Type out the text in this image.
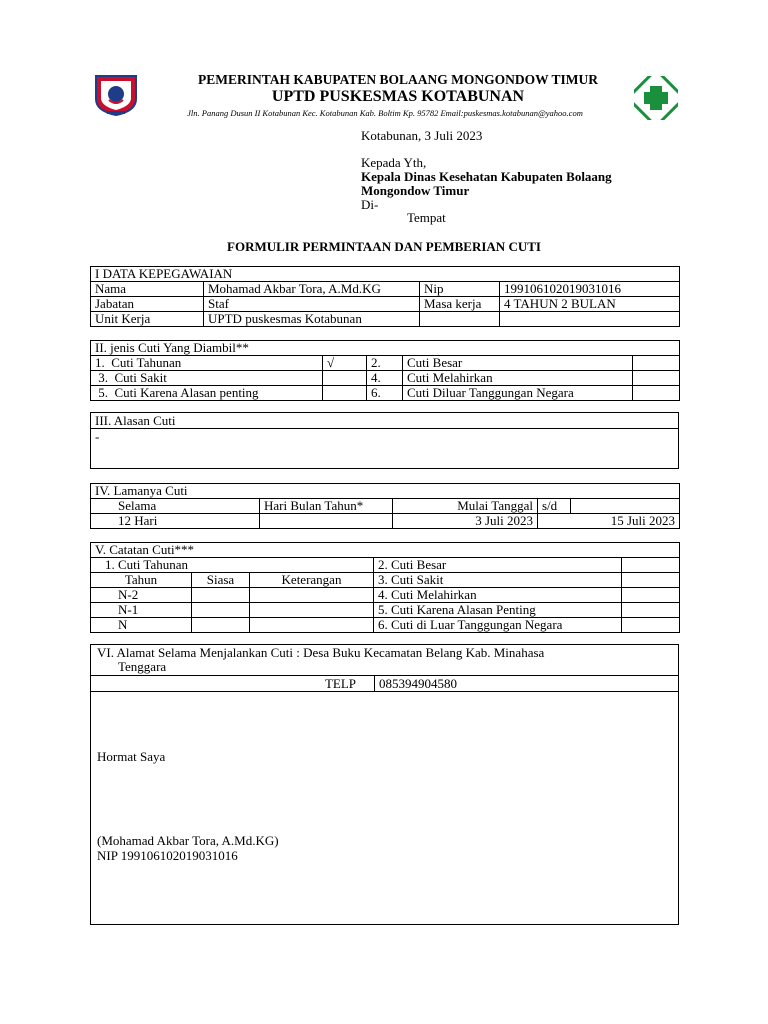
PEMERINTAH KABUPATEN BOLAANG MONGONDOW TIMUR
UPTD PUSKESMAS KOTABUNAN
Jln. Panang Dusun II Kotabunan Kec. Kotabunan Kab. Boltim Kp. 95782 Email:puskesmas.kotabunan@yahoo.com
Kotabunan, 3 Juli 2023
Kepada Yth,
Kepala Dinas Kesehatan Kabupaten Bolaang
Mongondow Timur
Di-
Tempat
FORMULIR PERMINTAAN DAN PEMBERIAN CUTI
I DATA KEPEGAWAIAN			
Nama	Mohamad Akbar Tora, A.Md.KG	Nip	199106102019031016
Jabatan	Staf	Masa kerja	4 TAHUN 2 BULAN
Unit Kerja	UPTD puskesmas Kotabunan		
II. jenis Cuti Yang Diambil**				
1. Cuti Tahunan	√	2.	Cuti Besar	
3. Cuti Sakit		4.	Cuti Melahirkan	
5. Cuti Karena Alasan penting		6.	Cuti Diluar Tanggungan Negara	
III. Alasan Cuti
-
IV. Lamanya Cuti				
Selama	Hari Bulan Tahun*	Mulai Tanggal	s/d	
12 Hari		3 Juli 2023	15 Juli 2023	
V. Catatan Cuti***				
1. Cuti Tahunan			2. Cuti Besar	
Tahun	Siasa	Keterangan	3. Cuti Sakit	
N-2			4. Cuti Melahirkan	
N-1			5. Cuti Karena Alasan Penting	
N			6. Cuti di Luar Tanggungan Negara	
VI. Alamat Selama Menjalankan Cuti : Desa Buku Kecamatan Belang Kab. Minahasa
Tenggara
TELP 085394904580
Hormat Saya
(Mohamad Akbar Tora, A.Md.KG)
NIP 199106102019031016
